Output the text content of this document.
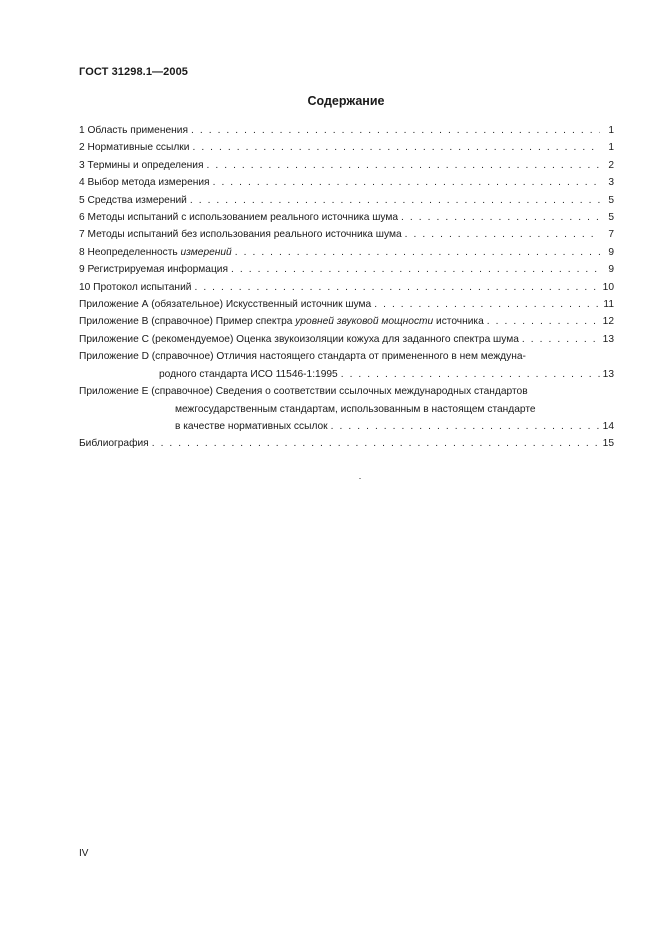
ГОСТ 31298.1—2005
Содержание
1 Область применения . . .	1
2 Нормативные ссылки . . .	1
3 Термины и определения . . .	2
4 Выбор метода измерения . . .	3
5 Средства измерений . . .	5
6 Методы испытаний с использованием реального источника шума . . .	5
7 Методы испытаний без использования реального источника шума . . .	7
8 Неопределенность измерений . . .	9
9 Регистрируемая информация . . .	9
10 Протокол испытаний . . .	10
Приложение А (обязательное) Искусственный источник шума . . .	11
Приложение В (справочное) Пример спектра уровней звуковой мощности источника . . .	12
Приложение С (рекомендуемое) Оценка звукоизоляции кожуха для заданного спектра шума . . .	13
Приложение D (справочное) Отличия настоящего стандарта от примененного в нем междуна-
родного стандарта ИСО 11546-1:1995 . . .	13
Приложение Е (справочное) Сведения о соответствии ссылочных международных стандартов
межгосударственным стандартам, использованным в настоящем стандарте
в качестве нормативных ссылок . . .	14
Библиография . . .	15
IV
